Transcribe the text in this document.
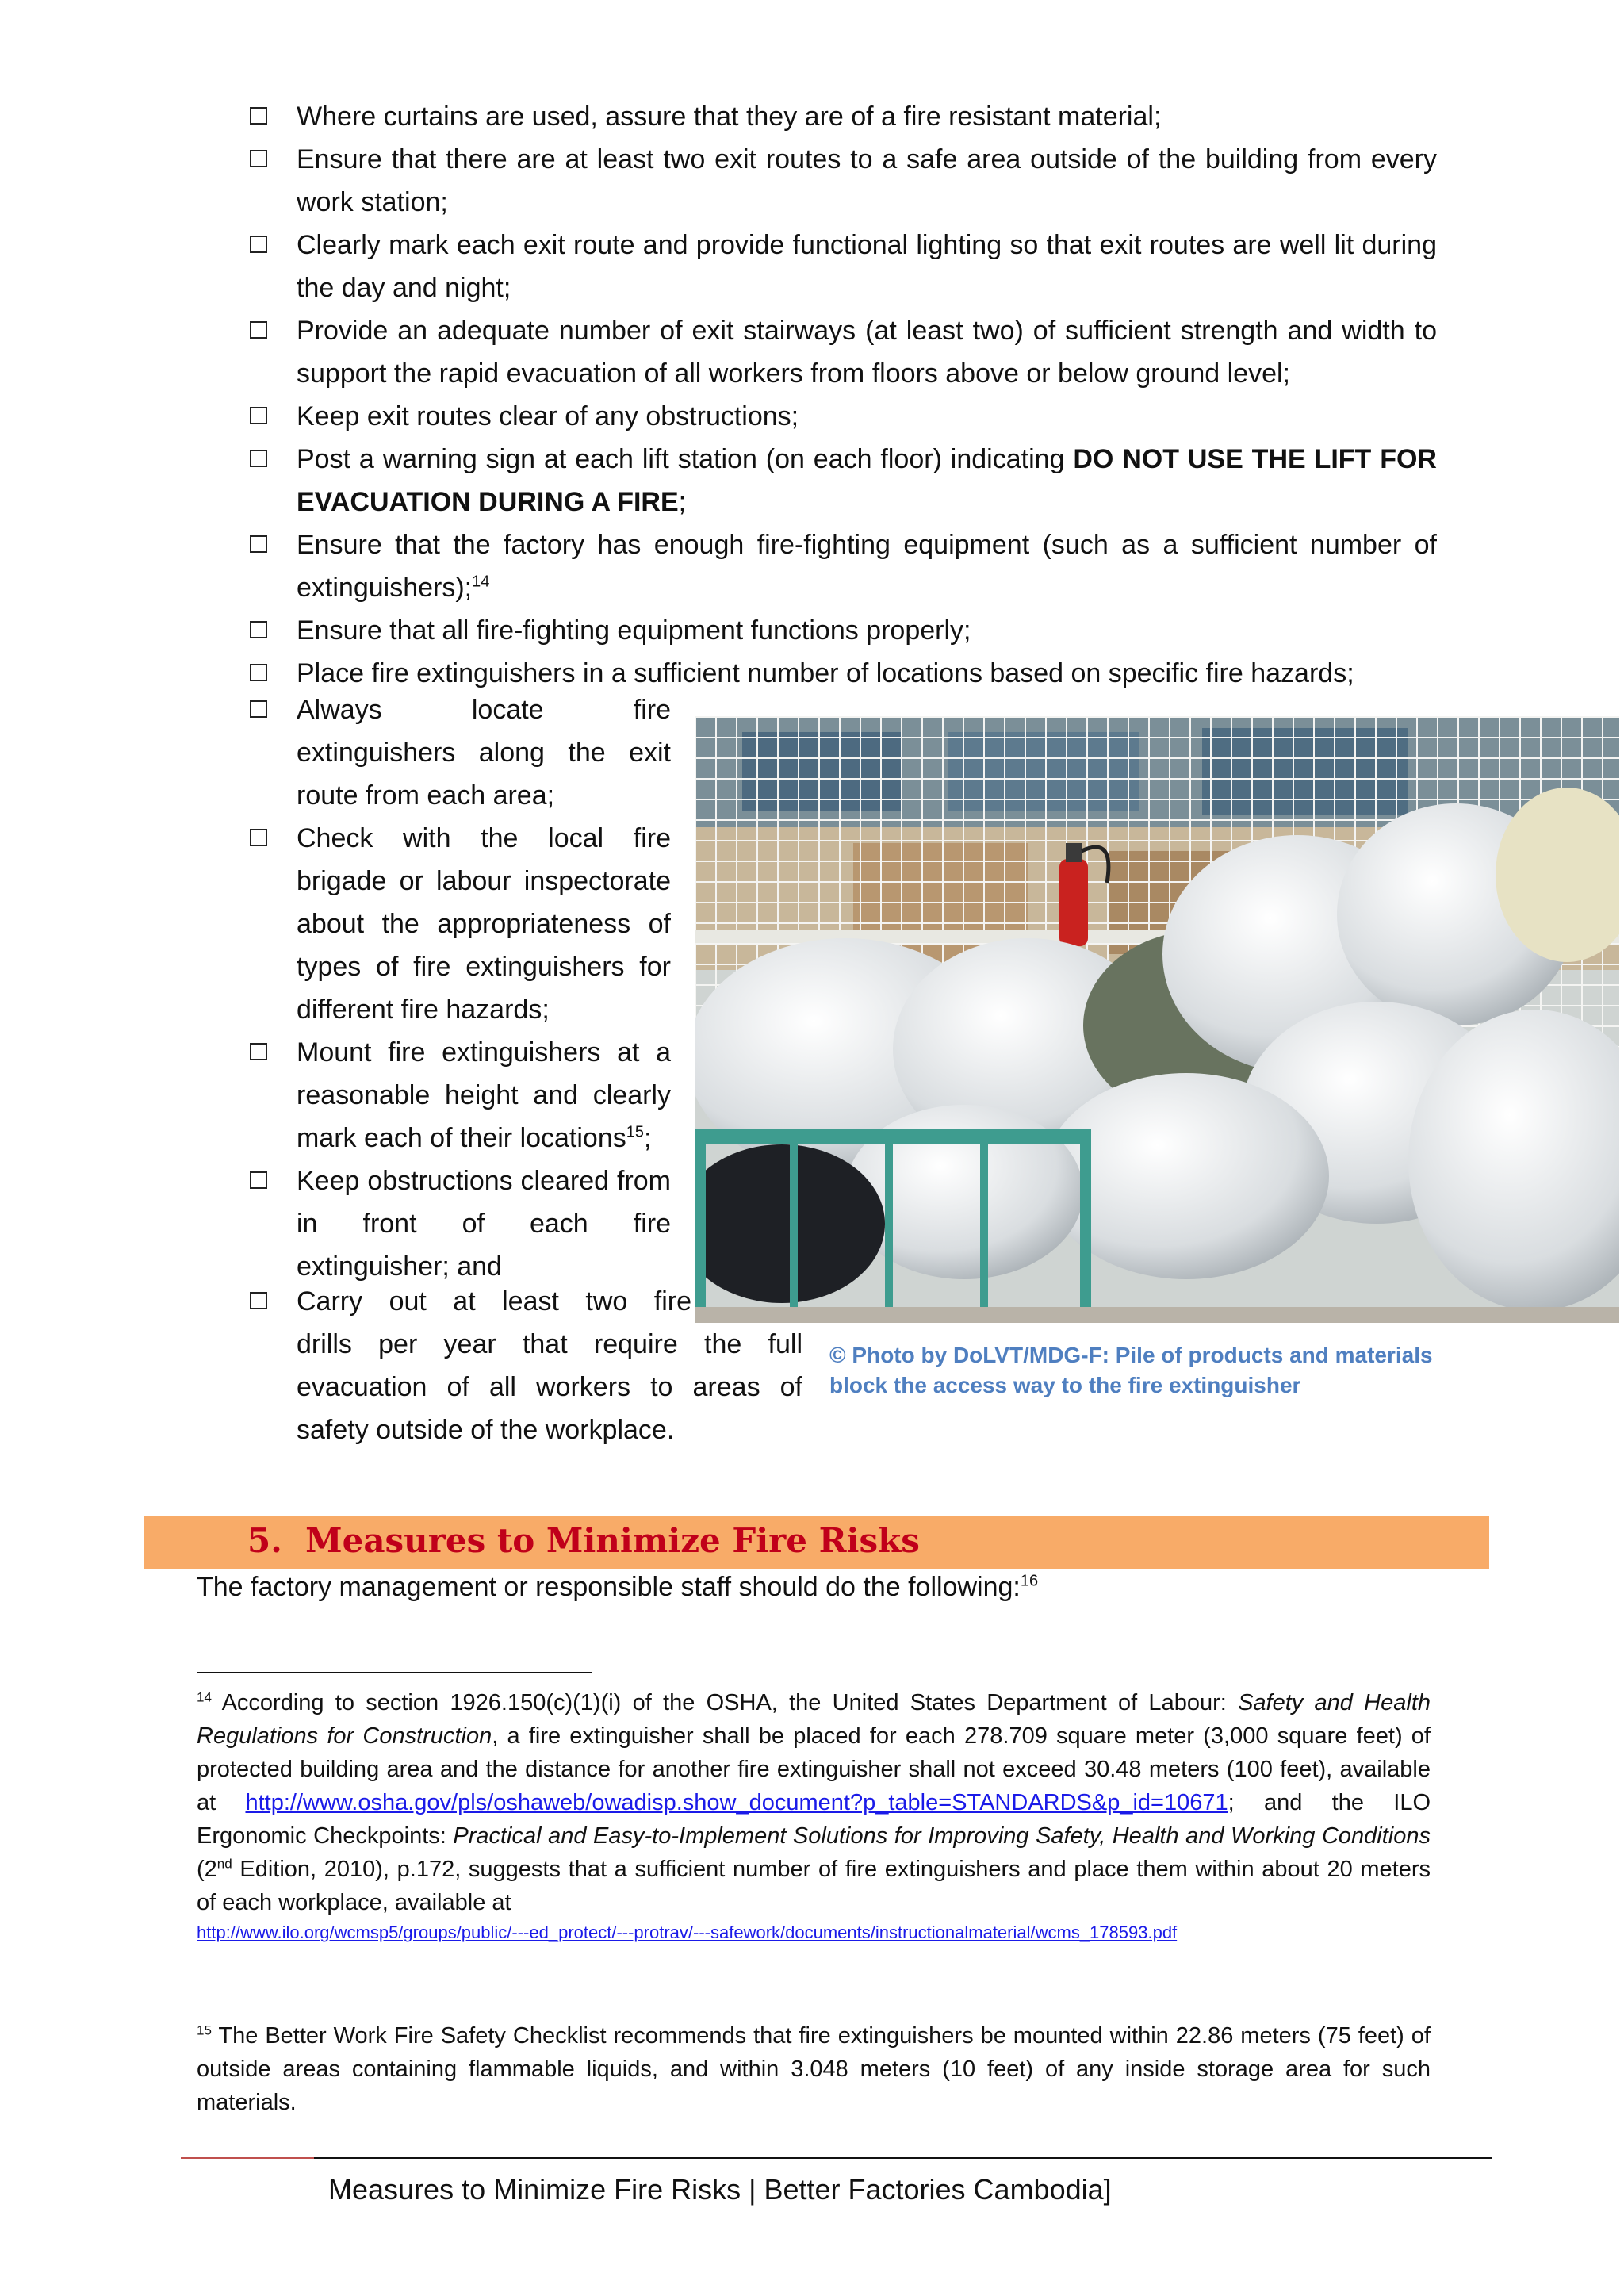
Where curtains are used, assure that they are of a fire resistant material;
Ensure that there are at least two exit routes to a safe area outside of the building from every work station;
Clearly mark each exit route and provide functional lighting so that exit routes are well lit during the day and night;
Provide an adequate number of exit stairways (at least two) of sufficient strength and width to support the rapid evacuation of all workers from floors above or below ground level;
Keep exit routes clear of any obstructions;
Post a warning sign at each lift station (on each floor) indicating DO NOT USE THE LIFT FOR EVACUATION DURING A FIRE;
Ensure that the factory has enough fire-fighting equipment (such as a sufficient number of extinguishers);$^{14}$
Ensure that all fire-fighting equipment functions properly;
Place fire extinguishers in a sufficient number of locations based on specific fire hazards;
Always locate fire extinguishers along the exit route from each area;
Check with the local fire brigade or labour inspectorate about the appropriateness of types of fire extinguishers for different fire hazards;
Mount fire extinguishers at a reasonable height and clearly mark each of their locations$^{15}$;
Keep obstructions cleared from in front of each fire extinguisher; and
Carry out at least two fire
drills per year that require the full
evacuation of all workers to areas of
safety outside of the workplace.
© Photo by DoLVT/MDG-F: Pile of products and materials block the access way to the fire extinguisher
5. Measures to Minimize Fire Risks
The factory management or responsible staff should do the following:$^{16}$
$^{14}$ According to section 1926.150(c)(1)(i) of the OSHA, the United States Department of Labour: Safety and Health Regulations for Construction, a fire extinguisher shall be placed for each 278.709 square meter (3,000 square feet) of protected building area and the distance for another fire extinguisher shall not exceed 30.48 meters (100 feet), available at http://www.osha.gov/pls/oshaweb/owadisp.show_document?p_table=STANDARDS&p_id=10671; and the ILO Ergonomic Checkpoints: Practical and Easy-to-Implement Solutions for Improving Safety, Health and Working Conditions (2nd Edition, 2010), p.172, suggests that a sufficient number of fire extinguishers and place them within about 20 meters of each workplace, available at
http://www.ilo.org/wcmsp5/groups/public/---ed_protect/---protrav/---safework/documents/instructionalmaterial/wcms_178593.pdf
$^{15}$ The Better Work Fire Safety Checklist recommends that fire extinguishers be mounted within 22.86 meters (75 feet) of outside areas containing flammable liquids, and within 3.048 meters (10 feet) of any inside storage area for such materials.
Measures to Minimize Fire Risks | Better Factories Cambodia]
